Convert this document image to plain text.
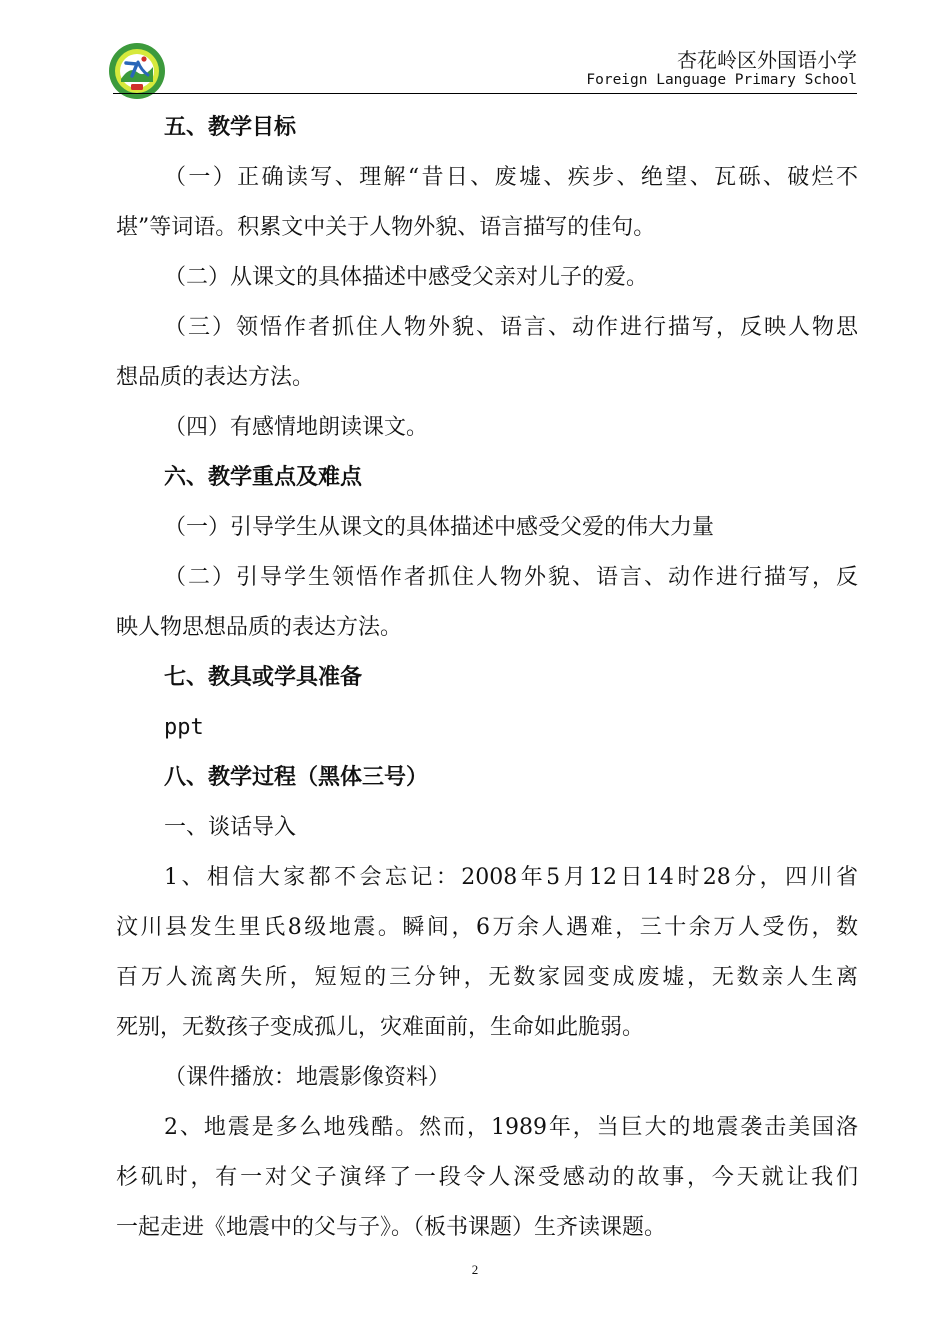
杏花岭区外国语小学
Foreign Language Primary School
五、教学目标
（一）正确读写、理解“昔日、废墟、疾步、绝望、瓦砾、破烂不
堪”等词语。积累文中关于人物外貌、语言描写的佳句。
（二）从课文的具体描述中感受父亲对儿子的爱。
（三）领悟作者抓住人物外貌、语言、动作进行描写，反映人物思
想品质的表达方法。
（四）有感情地朗读课文。
六、教学重点及难点
（一）引导学生从课文的具体描述中感受父爱的伟大力量
（二）引导学生领悟作者抓住人物外貌、语言、动作进行描写，反
映人物思想品质的表达方法。
七、教具或学具准备
ppt
八、教学过程（黑体三号）
一、谈话导入
1、相信大家都不会忘记：2008年5月12日14时28分，四川省
汶川县发生里氏8级地震。瞬间，6万余人遇难，三十余万人受伤，数
百万人流离失所，短短的三分钟，无数家园变成废墟，无数亲人生离
死别，无数孩子变成孤儿，灾难面前，生命如此脆弱。
（课件播放：地震影像资料）
2、地震是多么地残酷。然而，1989年，当巨大的地震袭击美国洛
杉矶时，有一对父子演绎了一段令人深受感动的故事，今天就让我们
一起走进《地震中的父与子》。（板书课题）生齐读课题。
2
